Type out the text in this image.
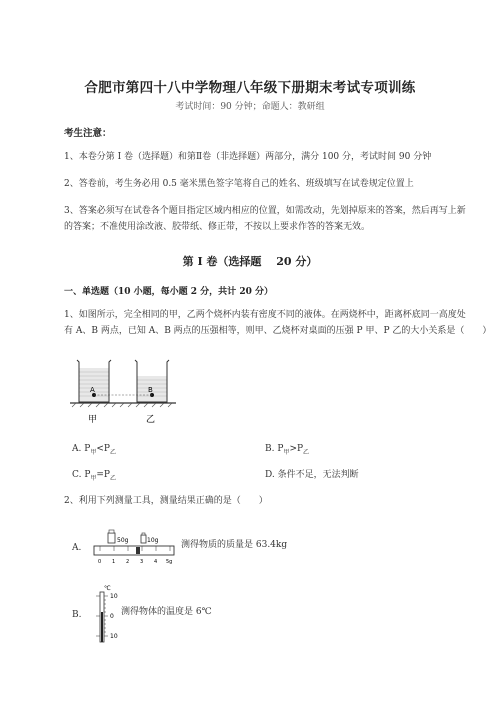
合肥市第四十八中学物理八年级下册期末考试专项训练
考试时间：90 分钟；命题人：教研组
考生注意：
1、本卷分第 I 卷（选择题）和第Ⅱ卷（非选择题）两部分，满分 100 分，考试时间 90 分钟
2、答卷前，考生务必用 0.5 毫米黑色签字笔将自己的姓名、班级填写在试卷规定位置上
3、答案必须写在试卷各个题目指定区域内相应的位置，如需改动，先划掉原来的答案，然后再写上新
的答案；不准使用涂改液、胶带纸、修正带，不按以上要求作答的答案无效。
第 I 卷（选择题　 20 分）
一、单选题（10 小题，每小题 2 分，共计 20 分）
1、如图所示，完全相同的甲，乙两个烧杯内装有密度不同的液体。在两烧杯中，距离杯底同一高度处
有 A、B 两点，已知 A、B 两点的压强相等，则甲、乙烧杯对桌面的压强 P 甲、P 乙的大小关系是（　　）
A	B
甲	乙
A. $P_甲<P_乙$	B. $P_甲>P_乙$
C. $P_甲=P_乙$	D. 条件不足，无法判断
2、利用下列测量工具，测量结果正确的是（　　）
A.
50g	10g
0 1 2 3 4 5g
测得物质的质量是 63.4kg
B.
℃
10
0
10
测得物体的温度是 6℃
